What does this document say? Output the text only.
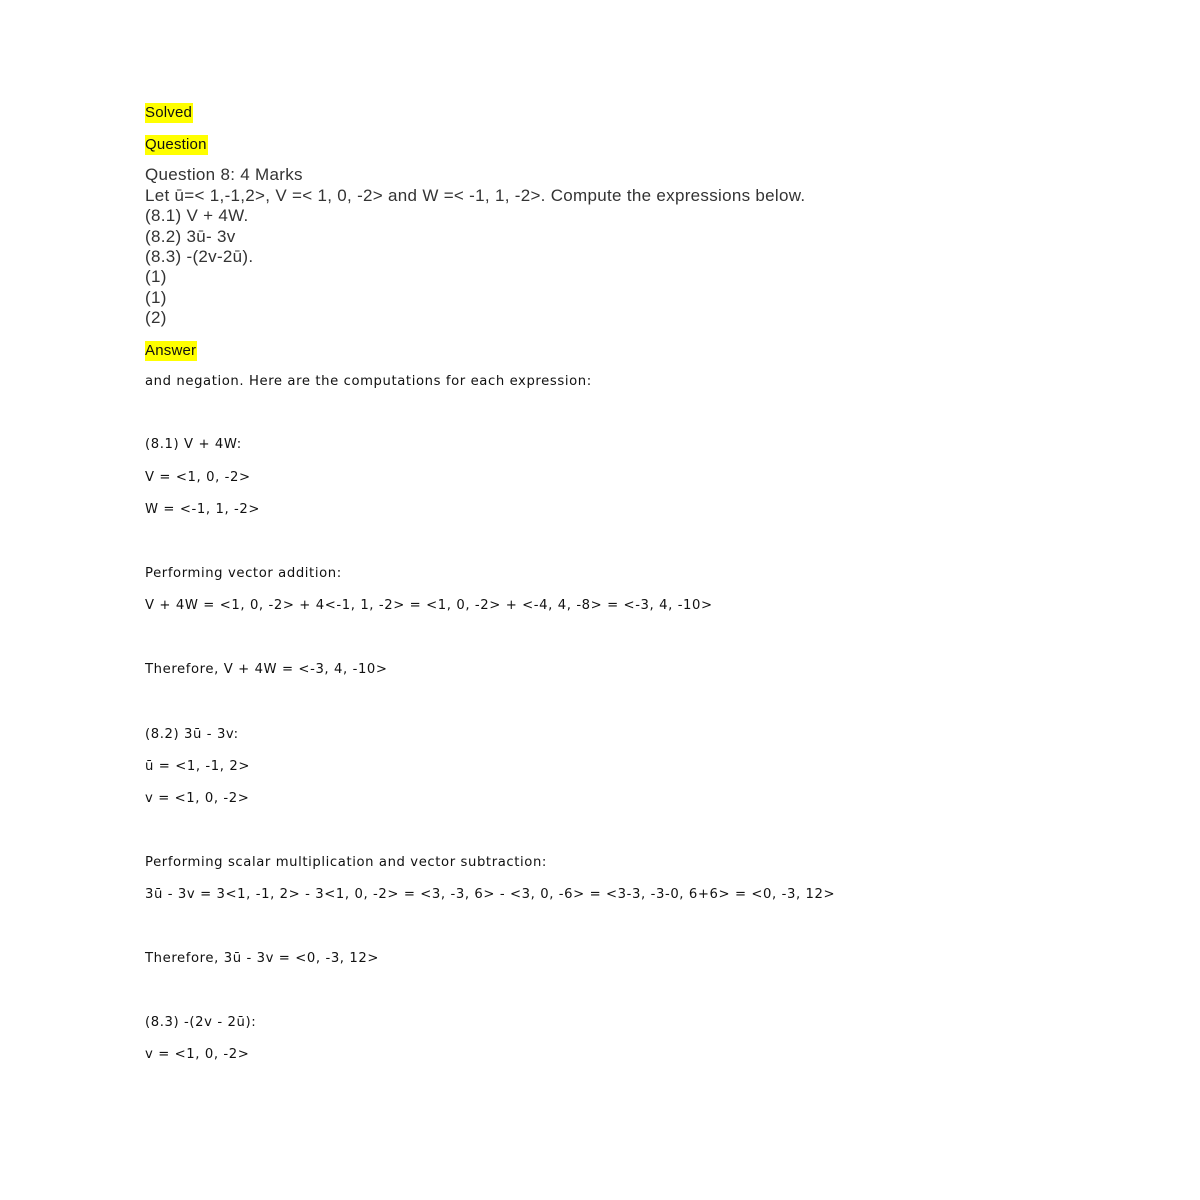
Solved
Question
Question 8: 4 Marks
Let ū=< 1,-1,2>, V =< 1, 0, -2> and W =< -1, 1, -2>. Compute the expressions below.
(8.1) V + 4W.
(8.2) 3ū- 3v
(8.3) -(2v-2ū).
(1)
(1)
(2)
Answer
and negation. Here are the computations for each expression:
(8.1) V + 4W:
V = <1, 0, -2>
W = <-1, 1, -2>
Performing vector addition:
V + 4W = <1, 0, -2> + 4<-1, 1, -2> = <1, 0, -2> + <-4, 4, -8> = <-3, 4, -10>
Therefore, V + 4W = <-3, 4, -10>
(8.2) 3ū - 3v:
ū = <1, -1, 2>
v = <1, 0, -2>
Performing scalar multiplication and vector subtraction:
3ū - 3v = 3<1, -1, 2> - 3<1, 0, -2> = <3, -3, 6> - <3, 0, -6> = <3-3, -3-0, 6+6> = <0, -3, 12>
Therefore, 3ū - 3v = <0, -3, 12>
(8.3) -(2v - 2ū):
v = <1, 0, -2>
